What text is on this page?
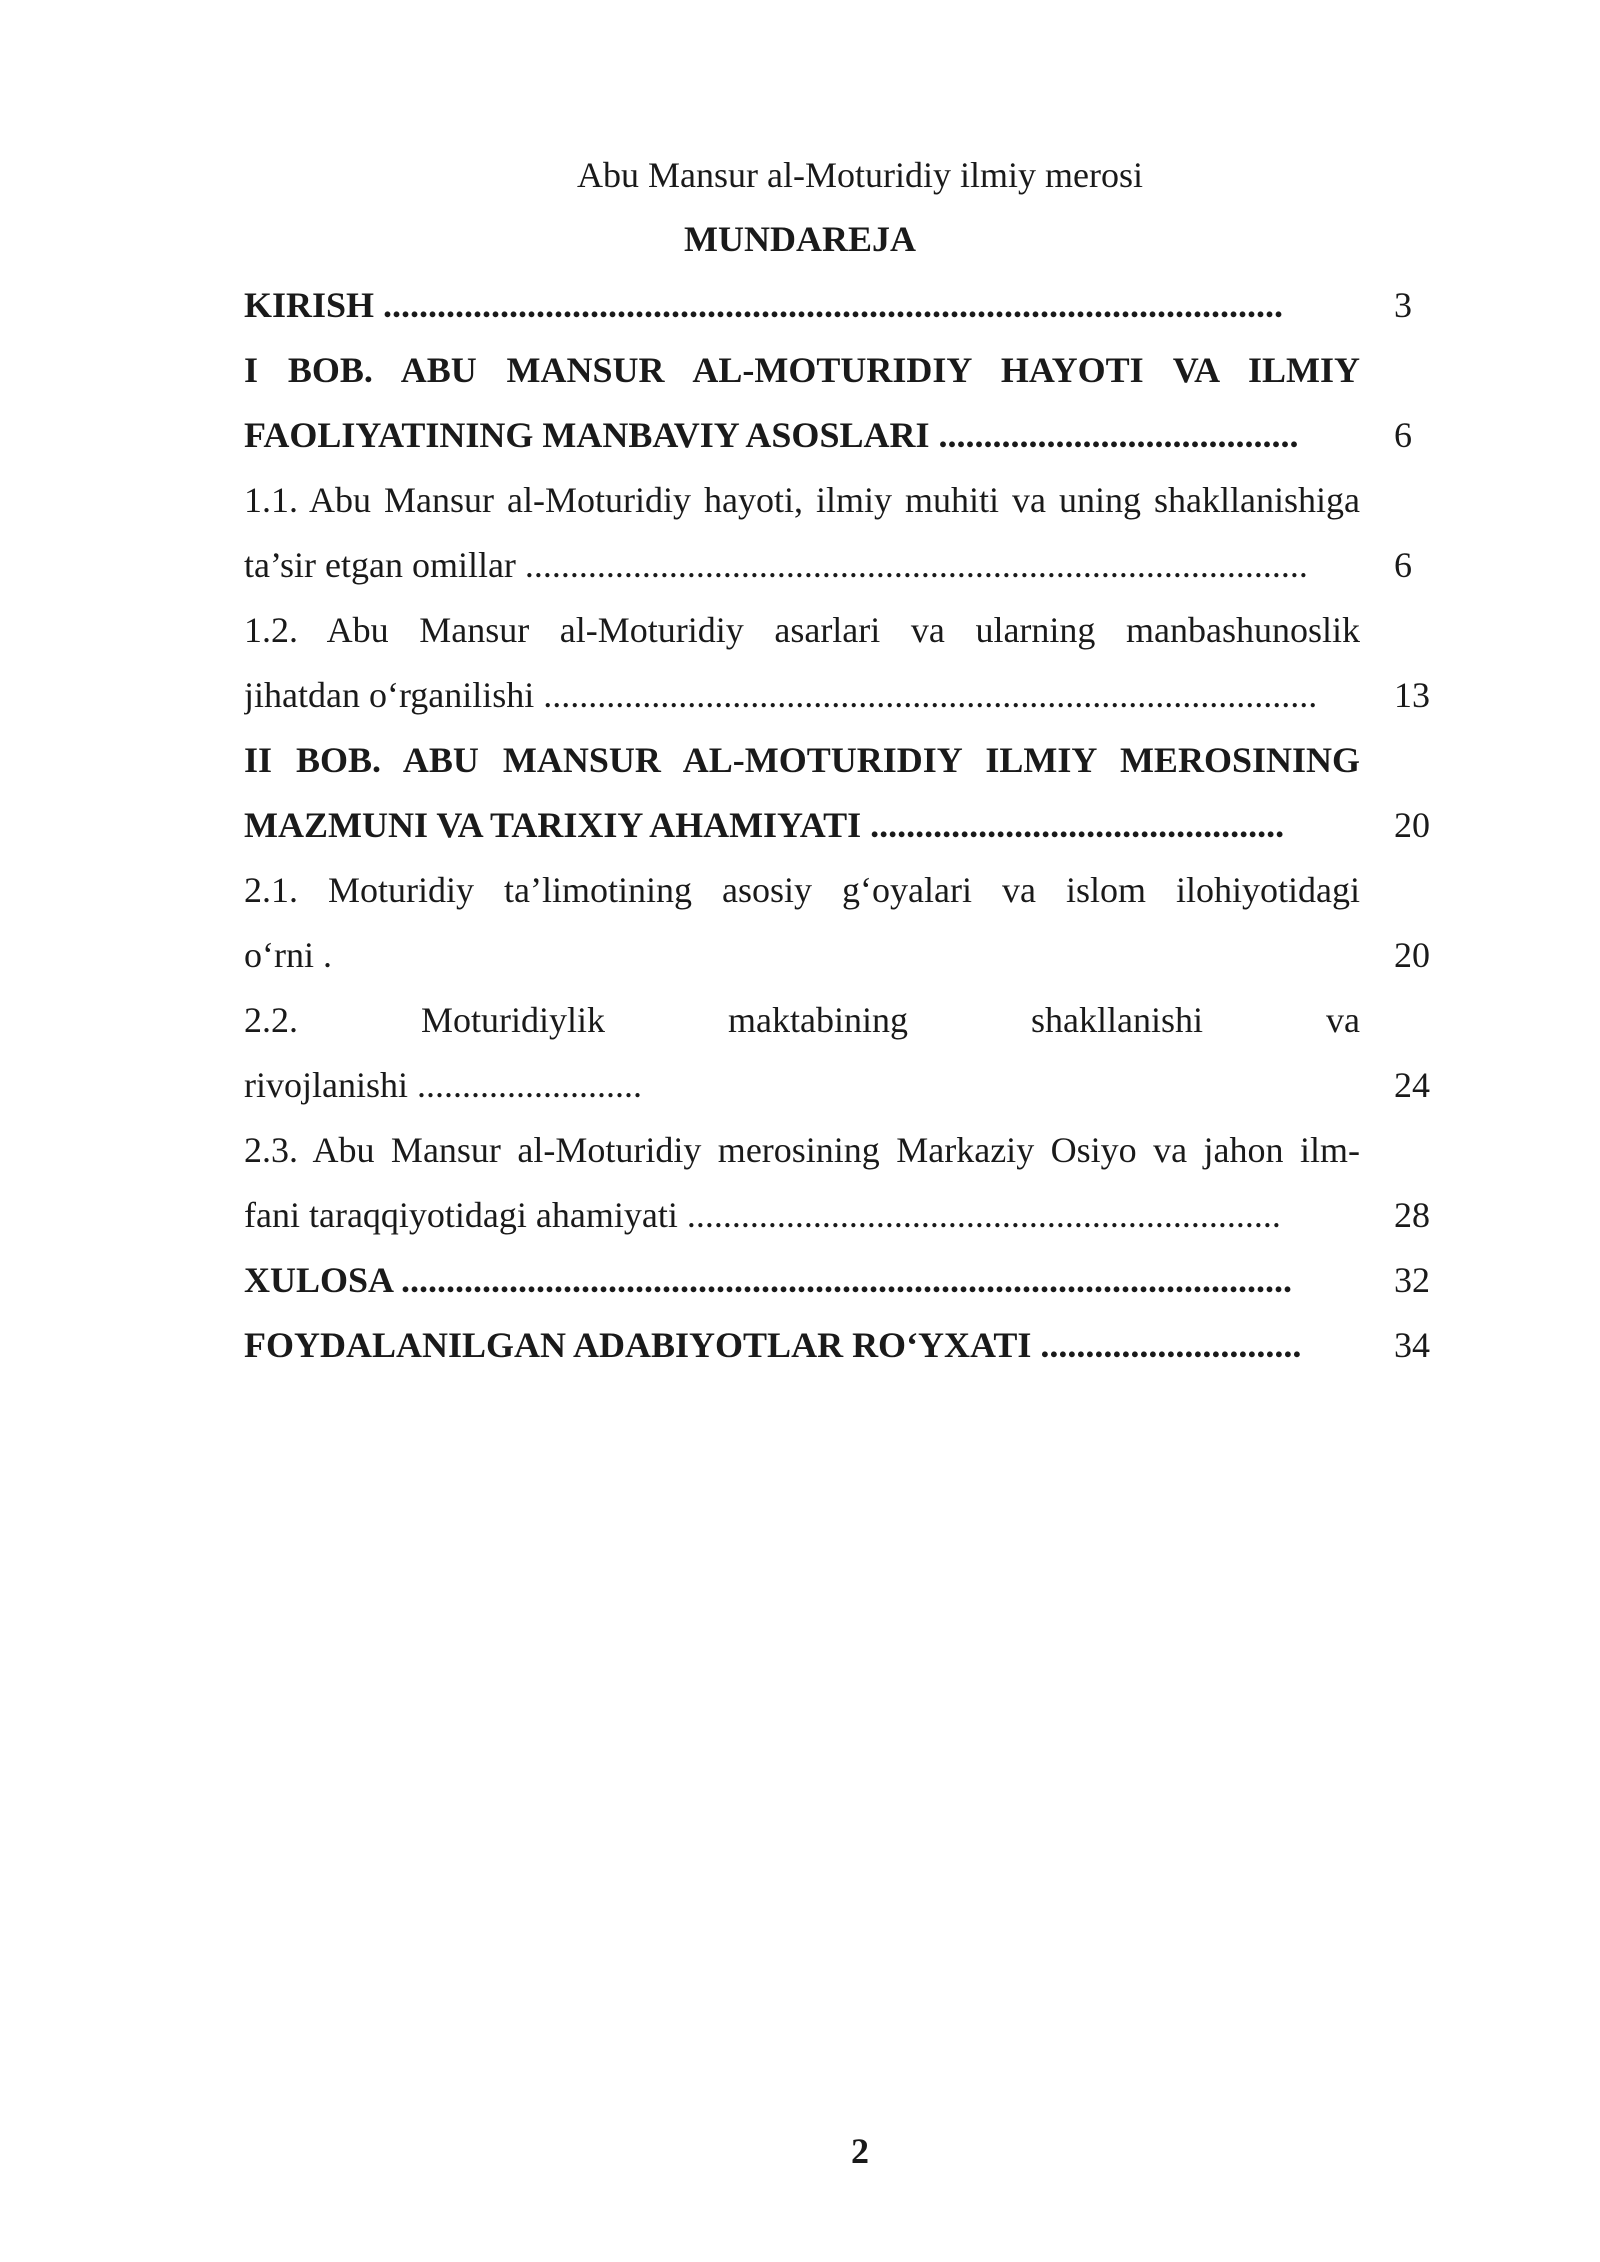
Abu Mansur al-Moturidiy ilmiy merosi
MUNDAREJA
KIRISH ....................................................................................................	3
I BOB. ABU MANSUR AL-MOTURIDIY HAYOTI VA ILMIY
FAOLIYATINING MANBAVIY ASOSLARI ........................................	6
1.1. Abu Mansur al-Moturidiy hayoti, ilmiy muhiti va uning shakllanishiga
ta’sir etgan omillar .......................................................................................	6
1.2. Abu Mansur al-Moturidiy asarlari va ularning manbashunoslik
jihatdan o‘rganilishi ......................................................................................	13
II BOB. ABU MANSUR AL-MOTURIDIY ILMIY MEROSINING
MAZMUNI VA TARIXIY AHAMIYATI ..............................................	20
2.1. Moturidiy ta’limotining asosiy g‘oyalari va islom ilohiyotidagi
o‘rni .	20
2.2. Moturidiylik maktabining shakllanishi va
rivojlanishi .........................	24
2.3. Abu Mansur al-Moturidiy merosining Markaziy Osiyo va jahon ilm-
fani taraqqiyotidagi ahamiyati ..................................................................	28
XULOSA ...................................................................................................	32
FOYDALANILGAN ADABIYOTLAR RO‘YXATI .............................	34
2
